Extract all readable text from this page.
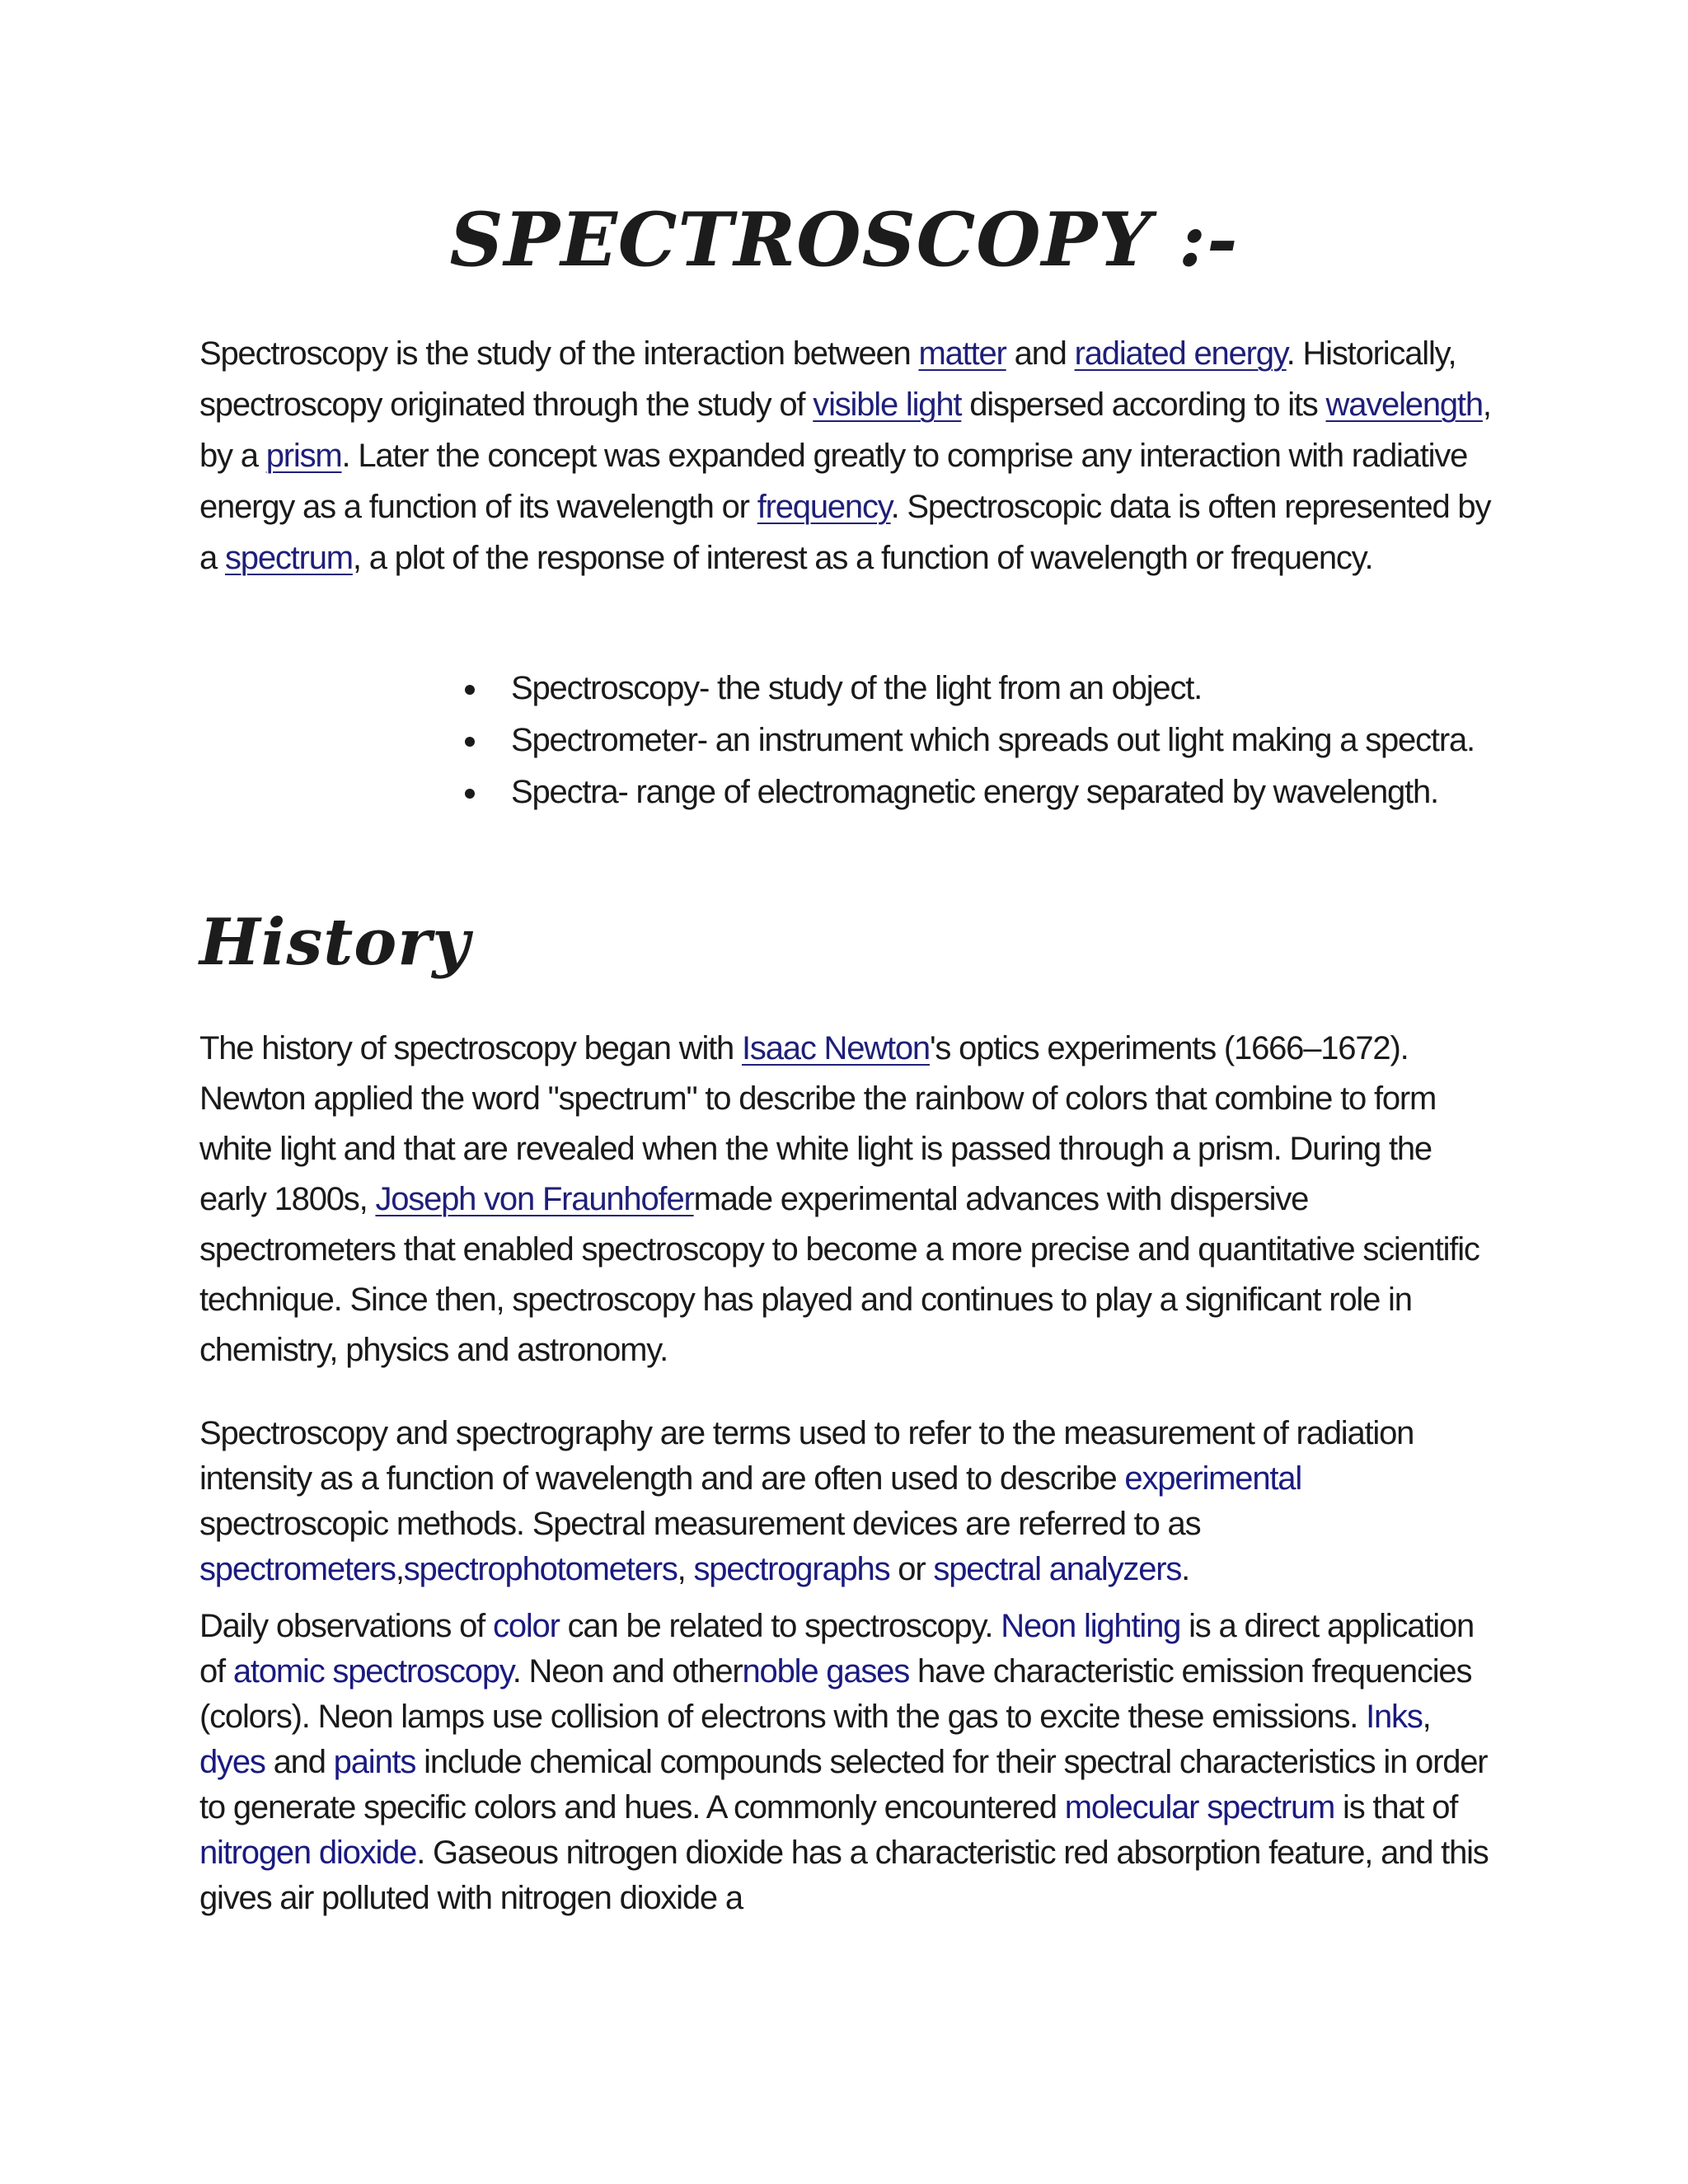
SPECTROSCOPY :-

Spectroscopy is the study of the interaction between matter and radiated energy. Historically, spectroscopy originated through the study of visible light dispersed according to its wavelength, by a prism. Later the concept was expanded greatly to comprise any interaction with radiative energy as a function of its wavelength or frequency. Spectroscopic data is often represented by a spectrum, a plot of the response of interest as a function of wavelength or frequency.

Spectroscopy- the study of the light from an object.
Spectrometer- an instrument which spreads out light making a spectra.
Spectra- range of electromagnetic energy separated by wavelength.
History

The history of spectroscopy began with Isaac Newton's optics experiments (1666–1672). Newton applied the word "spectrum" to describe the rainbow of colors that combine to form white light and that are revealed when the white light is passed through a prism. During the early 1800s, Joseph von Fraunhofermade experimental advances with dispersive spectrometers that enabled spectroscopy to become a more precise and quantitative scientific technique. Since then, spectroscopy has played and continues to play a significant role in chemistry, physics and astronomy.

Spectroscopy and spectrography are terms used to refer to the measurement of radiation intensity as a function of wavelength and are often used to describe experimental spectroscopic methods. Spectral measurement devices are referred to as spectrometers,spectrophotometers, spectrographs or spectral analyzers.

Daily observations of color can be related to spectroscopy. Neon lighting is a direct application of atomic spectroscopy. Neon and othernoble gases have characteristic emission frequencies (colors). Neon lamps use collision of electrons with the gas to excite these emissions. Inks, dyes and paints include chemical compounds selected for their spectral characteristics in order to generate specific colors and hues. A commonly encountered molecular spectrum is that of nitrogen dioxide. Gaseous nitrogen dioxide has a characteristic red absorption feature, and this gives air polluted with nitrogen dioxide a
